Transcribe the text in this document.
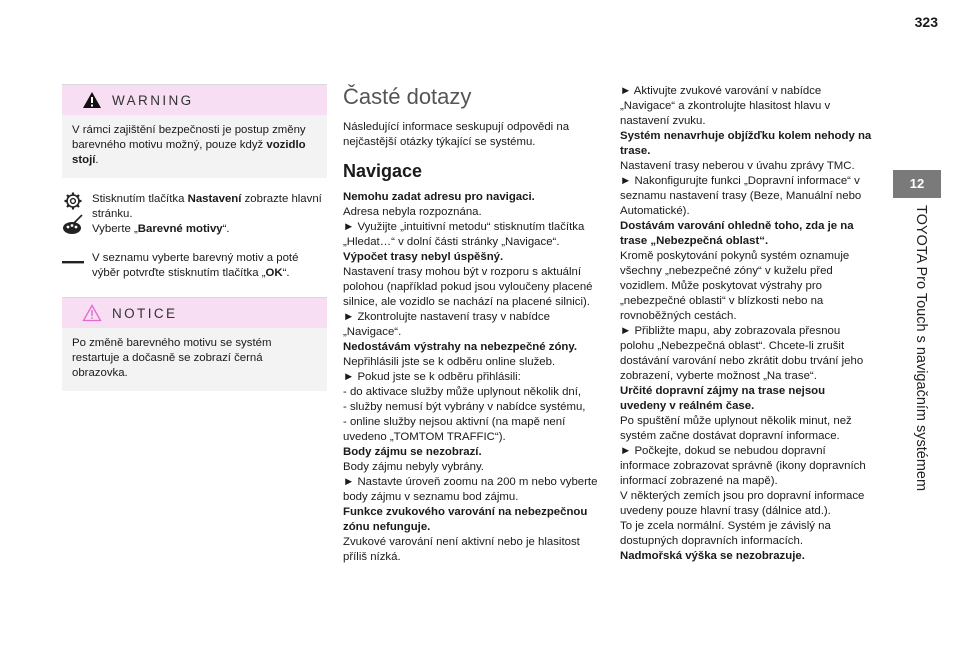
323
12
TOYOTA Pro Touch s navigačním systémem
WARNING

V rámci zajištění bezpečnosti je postup změny barevného motivu možný, pouze když vozidlo stojí.

Stisknutím tlačítka Nastavení zobrazte hlavní stránku.

Vyberte „Barevné motivy“.

V seznamu vyberte barevný motiv a poté výběr potvrďte stisknutím tlačítka „OK“.

NOTICE

Po změně barevného motivu se systém restartuje a dočasně se zobrazí černá obrazovka.

Časté dotazy

Následující informace seskupují odpovědi na nejčastější otázky týkající se systému.

Navigace

Nemohu zadat adresu pro navigaci.

Adresa nebyla rozpoznána.

► Využijte „intuitivní metodu“ stisknutím tlačítka „Hledat…“ v dolní části stránky „Navigace“.

Výpočet trasy nebyl úspěšný.

Nastavení trasy mohou být v rozporu s aktuální polohou (například pokud jsou vyloučeny placené silnice, ale vozidlo se nachází na placené silnici).

► Zkontrolujte nastavení trasy v nabídce „Navigace“.

Nedostávám výstrahy na nebezpečné zóny.

Nepřihlásili jste se k odběru online služeb.

► Pokud jste se k odběru přihlásili:

- do aktivace služby může uplynout několik dní,

- služby nemusí být vybrány v nabídce systému,

- online služby nejsou aktivní (na mapě není uvedeno „TOMTOM TRAFFIC“).

Body zájmu se nezobrazí.

Body zájmu nebyly vybrány.

► Nastavte úroveň zoomu na 200 m nebo vyberte body zájmu v seznamu bod zájmu.

Funkce zvukového varování na nebezpečnou zónu nefunguje.

Zvukové varování není aktivní nebo je hlasitost příliš nízká.

► Aktivujte zvukové varování v nabídce „Navigace“ a zkontrolujte hlasitost hlavu v nastavení zvuku.

Systém nenavrhuje objížďku kolem nehody na trase.

Nastavení trasy neberou v úvahu zprávy TMC.

► Nakonfigurujte funkci „Dopravní informace“ v seznamu nastavení trasy (Beze, Manuální nebo Automatické).

Dostávám varování ohledně toho, zda je na trase „Nebezpečná oblast“.

Kromě poskytování pokynů systém oznamuje všechny „nebezpečné zóny“ v kuželu před vozidlem. Může poskytovat výstrahy pro „nebezpečné oblasti“ v blízkosti nebo na rovnoběžných cestách.

► Přibližte mapu, aby zobrazovala přesnou polohu „Nebezpečná oblast“. Chcete-li zrušit dostávání varování nebo zkrátit dobu trvání jeho zobrazení, vyberte možnost „Na trase“.

Určité dopravní zájmy na trase nejsou uvedeny v reálném čase.

Po spuštění může uplynout několik minut, než systém začne dostávat dopravní informace.

► Počkejte, dokud se nebudou dopravní informace zobrazovat správně (ikony dopravních informací zobrazené na mapě).

V některých zemích jsou pro dopravní informace uvedeny pouze hlavní trasy (dálnice atd.).

To je zcela normální. Systém je závislý na dostupných dopravních informacích.

Nadmořská výška se nezobrazuje.
